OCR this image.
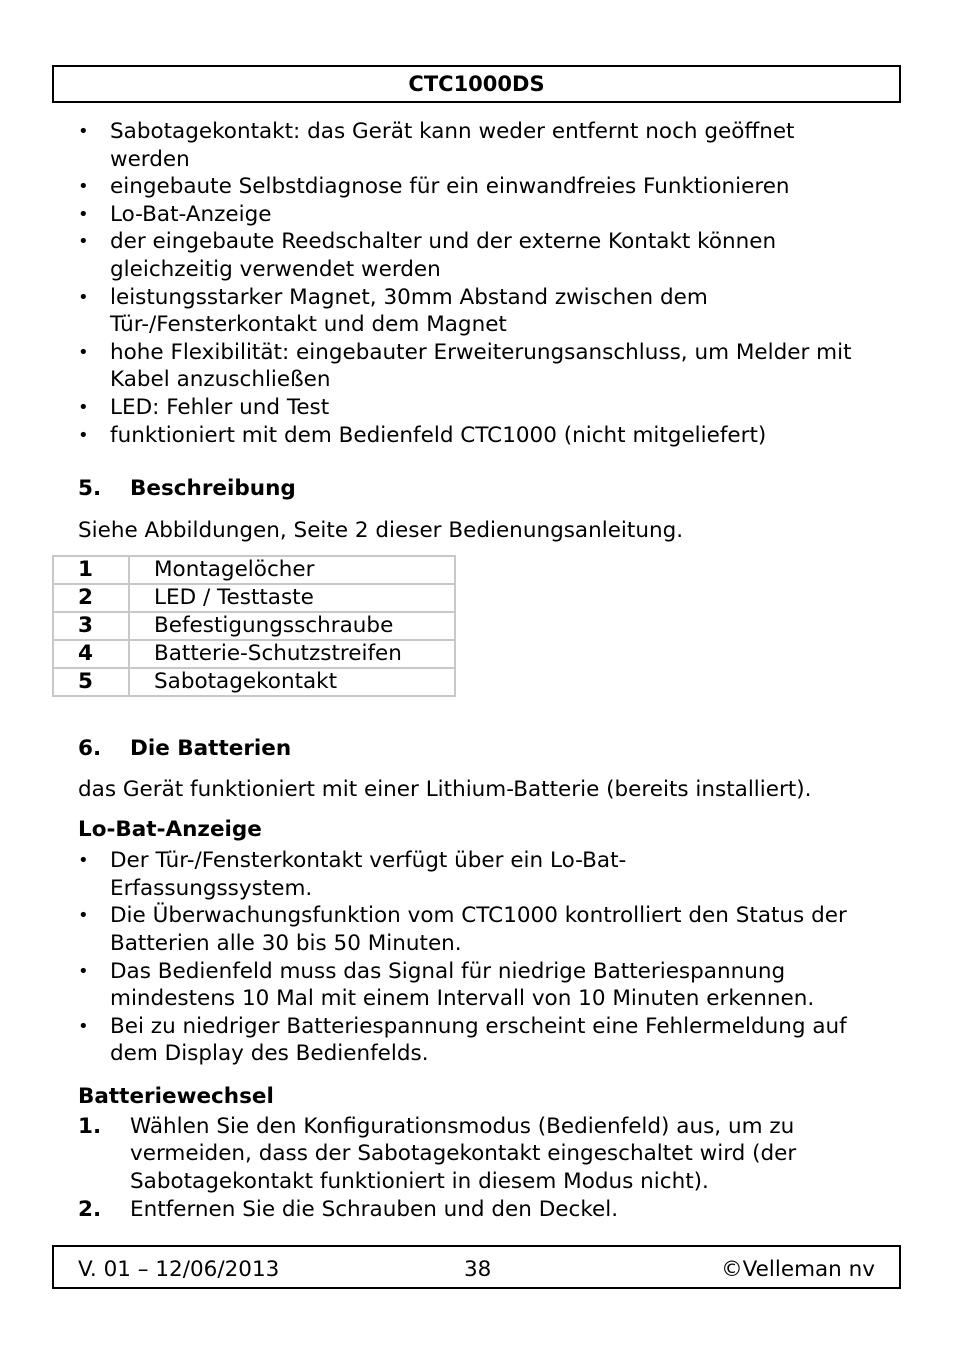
CTC1000DS
• Sabotagekontakt: das Gerät kann weder entfernt noch geöffnet werden
• eingebaute Selbstdiagnose für ein einwandfreies Funktionieren
• Lo-Bat-Anzeige
• der eingebaute Reedschalter und der externe Kontakt können gleichzeitig verwendet werden
• leistungsstarker Magnet, 30mm Abstand zwischen dem Tür-/Fensterkontakt und dem Magnet
• hohe Flexibilität: eingebauter Erweiterungsanschluss, um Melder mit Kabel anzuschließen
• LED: Fehler und Test
• funktioniert mit dem Bedienfeld CTC1000 (nicht mitgeliefert)
5. Beschreibung
Siehe Abbildungen, Seite 2 dieser Bedienungsanleitung.
1	Montagelöcher
2	LED / Testtaste
3	Befestigungsschraube
4	Batterie-Schutzstreifen
5	Sabotagekontakt
6. Die Batterien
das Gerät funktioniert mit einer Lithium-Batterie (bereits installiert).
Lo-Bat-Anzeige
• Der Tür-/Fensterkontakt verfügt über ein Lo-Bat-Erfassungssystem.
• Die Überwachungsfunktion vom CTC1000 kontrolliert den Status der Batterien alle 30 bis 50 Minuten.
• Das Bedienfeld muss das Signal für niedrige Batteriespannung mindestens 10 Mal mit einem Intervall von 10 Minuten erkennen.
• Bei zu niedriger Batteriespannung erscheint eine Fehlermeldung auf dem Display des Bedienfelds.
Batteriewechsel
1. Wählen Sie den Konfigurationsmodus (Bedienfeld) aus, um zu vermeiden, dass der Sabotagekontakt eingeschaltet wird (der Sabotagekontakt funktioniert in diesem Modus nicht).
2. Entfernen Sie die Schrauben und den Deckel.
V. 01 – 12/06/2013	38	©Velleman nv
